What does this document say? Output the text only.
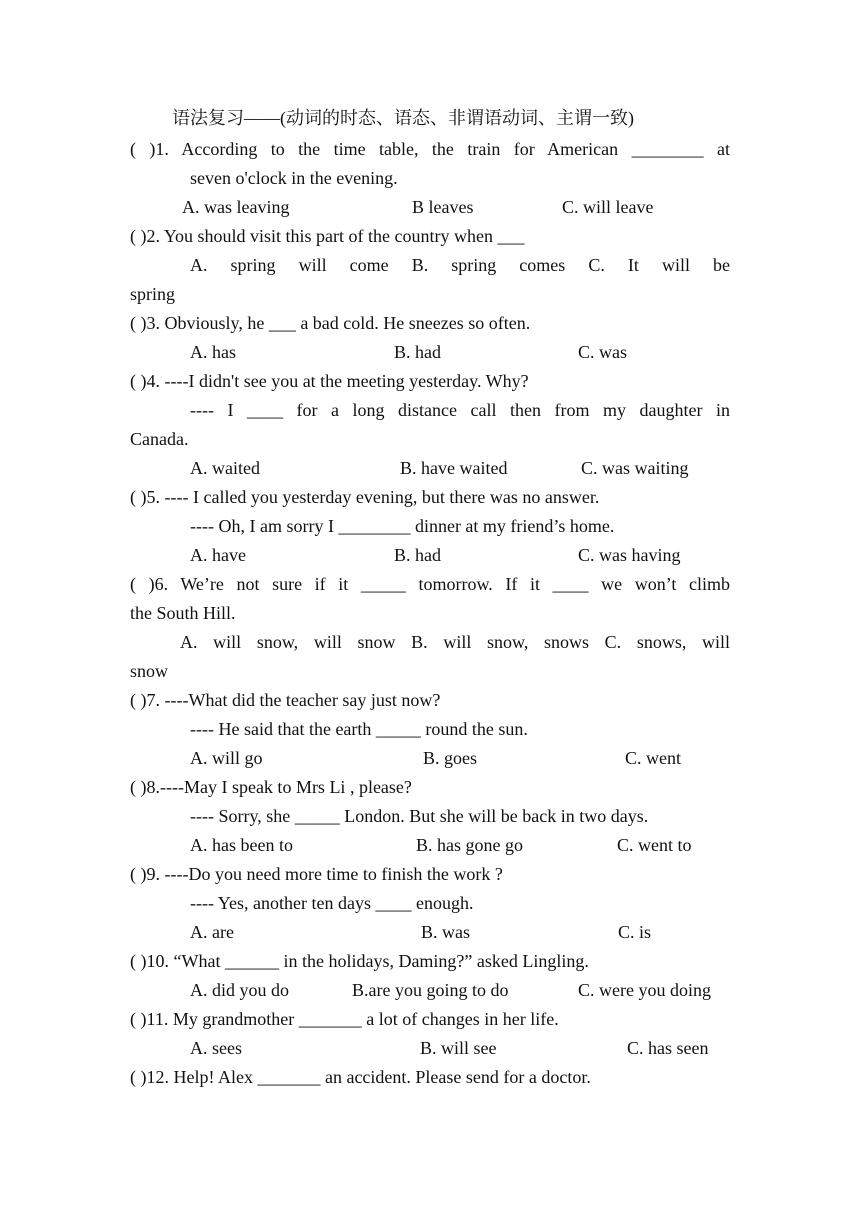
语法复习——(动词的时态、语态、非谓语动词、主谓一致)
( )1. According to the time table, the train for American ________ at
seven o'clock in the evening.
A. was leaving	B leaves	C. will leave
( )2. You should visit this part of the country when ___
A. spring will come B. spring comes C. It will be
spring
( )3. Obviously, he ___ a bad cold. He sneezes so often.
A. has	B. had	C. was
( )4. ----I didn't see you at the meeting yesterday. Why?
---- I ____ for a long distance call then from my daughter in
Canada.
A. waited	B. have waited	C. was waiting
( )5. ---- I called you yesterday evening, but there was no answer.
---- Oh, I am sorry I ________ dinner at my friend’s home.
A. have	B. had	C. was having
( )6. We’re not sure if it _____ tomorrow. If it ____ we won’t climb
the South Hill.
A. will snow, will snow B. will snow, snows C. snows, will
snow
( )7. ----What did the teacher say just now?
---- He said that the earth _____ round the sun.
A. will go	B. goes	C. went
( )8.----May I speak to Mrs Li , please?
---- Sorry, she _____ London. But she will be back in two days.
A. has been to	B. has gone go	C. went to
( )9. ----Do you need more time to finish the work ?
---- Yes, another ten days ____ enough.
A. are	B. was	C. is
( )10. “What ______ in the holidays, Daming?” asked Lingling.
A. did you do	B.are you going to do	C. were you doing
( )11. My grandmother _______ a lot of changes in her life.
A. sees	B. will see	C. has seen
( )12. Help! Alex _______ an accident. Please send for a doctor.
